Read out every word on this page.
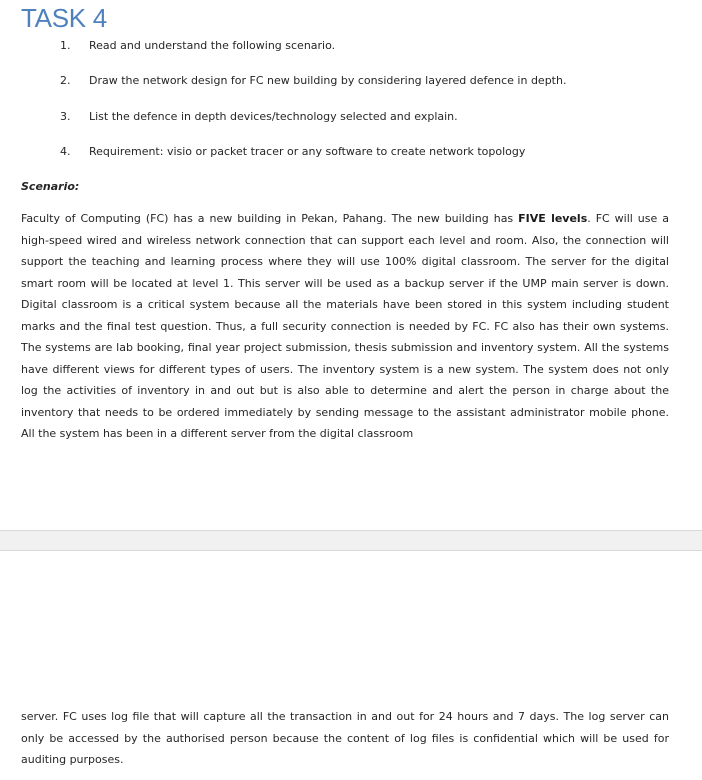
TASK 4
1. Read and understand the following scenario.
2. Draw the network design for FC new building by considering layered defence in depth.
3. List the defence in depth devices/technology selected and explain.
4. Requirement: visio or packet tracer or any software to create network topology
Scenario:

Faculty of Computing (FC) has a new building in Pekan, Pahang. The new building has FIVE levels. FC will use a high-speed wired and wireless network connection that can support each level and room. Also, the connection will support the teaching and learning process where they will use 100% digital classroom. The server for the digital smart room will be located at level 1. This server will be used as a backup server if the UMP main server is down. Digital classroom is a critical system because all the materials have been stored in this system including student marks and the final test question. Thus, a full security connection is needed by FC. FC also has their own systems. The systems are lab booking, final year project submission, thesis submission and inventory system. All the systems have different views for different types of users. The inventory system is a new system. The system does not only log the activities of inventory in and out but is also able to determine and alert the person in charge about the inventory that needs to be ordered immediately by sending message to the assistant administrator mobile phone. All the system has been in a different server from the digital classroom

server. FC uses log file that will capture all the transaction in and out for 24 hours and 7 days. The log server can only be accessed by the authorised person because the content of log files is confidential which will be used for auditing purposes.
